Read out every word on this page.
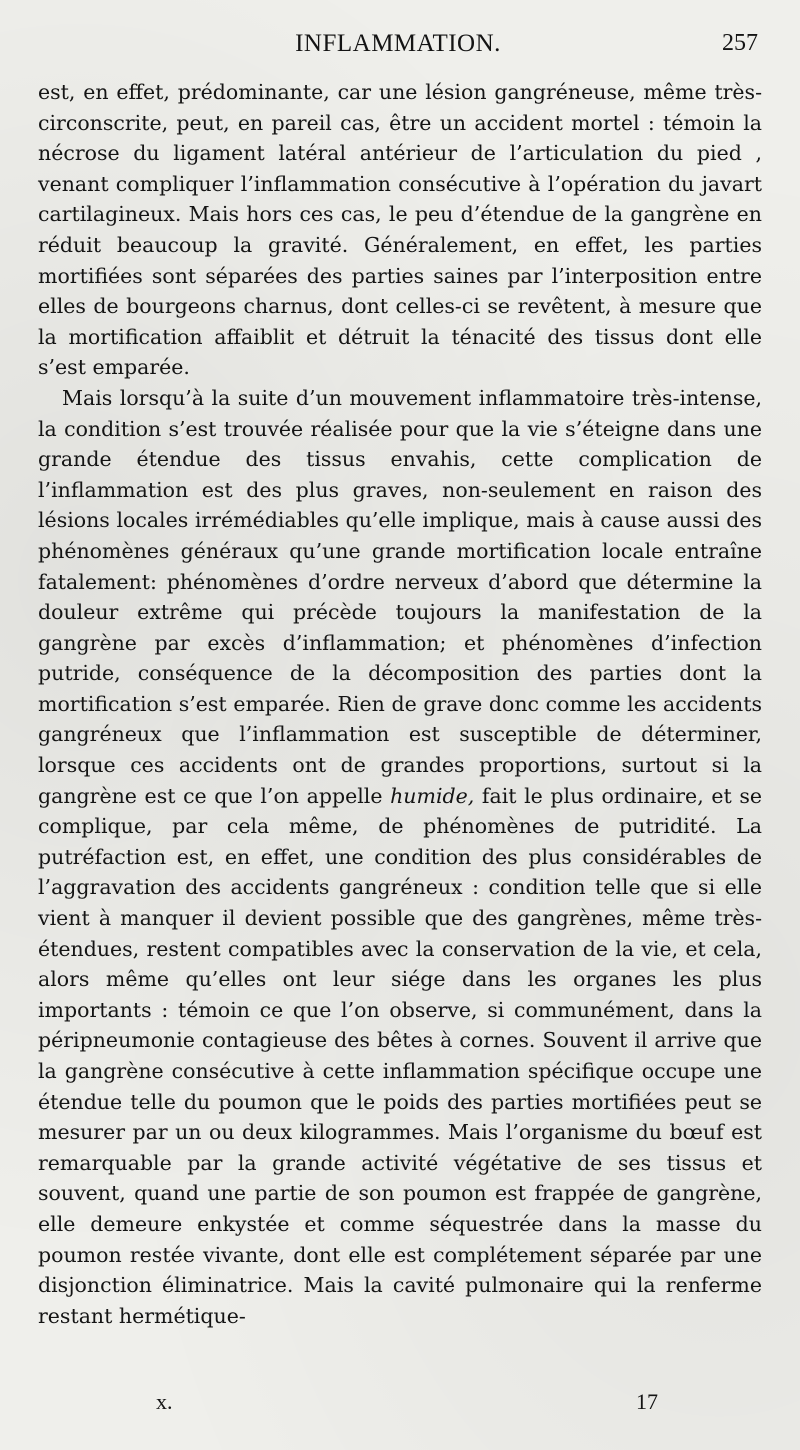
INFLAMMATION.	257

est, en effet, prédominante, car une lésion gangréneuse, même très-circonscrite, peut, en pareil cas, être un accident mortel : témoin la nécrose du ligament latéral antérieur de l’articulation du pied , venant compliquer l’inflammation consécutive à l’opération du javart cartilagineux. Mais hors ces cas, le peu d’étendue de la gangrène en réduit beaucoup la gravité. Généralement, en effet, les parties mortifiées sont séparées des parties saines par l’interposition entre elles de bourgeons charnus, dont celles-ci se revêtent, à mesure que la mortification affaiblit et détruit la ténacité des tissus dont elle s’est emparée.

Mais lorsqu’à la suite d’un mouvement inflammatoire très-intense, la condition s’est trouvée réalisée pour que la vie s’éteigne dans une grande étendue des tissus envahis, cette complication de l’inflammation est des plus graves, non-seulement en raison des lésions locales irrémédiables qu’elle implique, mais à cause aussi des phénomènes généraux qu’une grande mortification locale entraîne fatalement: phénomènes d’ordre nerveux d’abord que détermine la douleur extrême qui précède toujours la manifestation de la gangrène par excès d’inflammation; et phénomènes d’infection putride, conséquence de la décomposition des parties dont la mortification s’est emparée. Rien de grave donc comme les accidents gangréneux que l’inflammation est susceptible de déterminer, lorsque ces accidents ont de grandes proportions, surtout si la gangrène est ce que l’on appelle humide, fait le plus ordinaire, et se complique, par cela même, de phénomènes de putridité. La putréfaction est, en effet, une condition des plus considérables de l’aggravation des accidents gangréneux : condition telle que si elle vient à manquer il devient possible que des gangrènes, même très-étendues, restent compatibles avec la conservation de la vie, et cela, alors même qu’elles ont leur siége dans les organes les plus importants : témoin ce que l’on observe, si communément, dans la péripneumonie contagieuse des bêtes à cornes. Souvent il arrive que la gangrène consécutive à cette inflammation spécifique occupe une étendue telle du poumon que le poids des parties mortifiées peut se mesurer par un ou deux kilogrammes. Mais l’organisme du bœuf est remarquable par la grande activité végétative de ses tissus et souvent, quand une partie de son poumon est frappée de gangrène, elle demeure enkystée et comme séquestrée dans la masse du poumon restée vivante, dont elle est complétement séparée par une disjonction éliminatrice. Mais la cavité pulmonaire qui la renferme restant hermétique-

x.	17
